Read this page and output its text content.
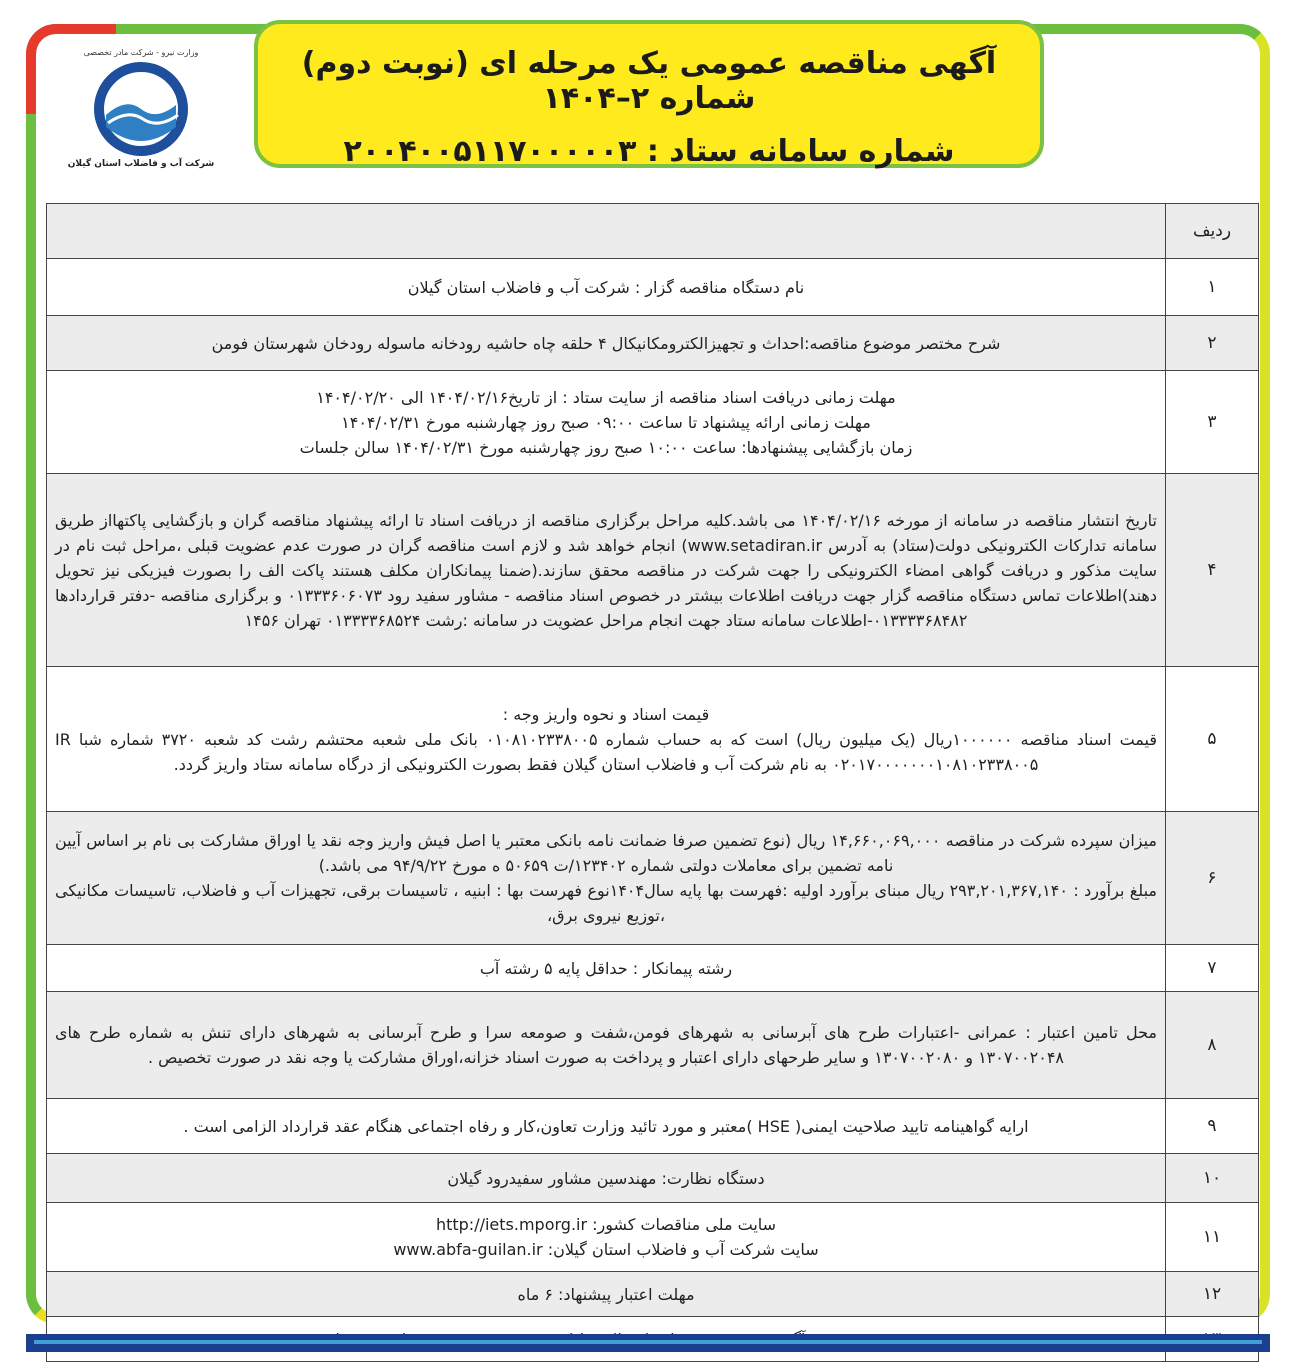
آگهی مناقصه عمومی یک مرحله ای (نوبت دوم) شماره ۲–۱۴۰۴
شماره سامانه ستاد : ۲۰۰۴۰۰۵۱۱۷۰۰۰۰۰۳
وزارت نیرو - شرکت مادر تخصصی
شرکت آب و فاضلاب استان گیلان
ردیف	
۱	نام دستگاه مناقصه گزار : شرکت آب و فاضلاب استان گیلان

۲	شرح مختصر موضوع مناقصه:احداث و تجهیزالکترومکانیکال ۴ حلقه چاه حاشیه رودخانه ماسوله رودخان شهرستان فومن

۳	مهلت زمانی دریافت اسناد مناقصه از سایت ستاد : از تاریخ۱۴۰۴/۰۲/۱۶ الی ۱۴۰۴/۰۲/۲۰
مهلت زمانی ارائه پیشنهاد تا ساعت ۰۹:۰۰ صبح روز چهارشنبه مورخ ۱۴۰۴/۰۲/۳۱
زمان بازگشایی پیشنهادها: ساعت ۱۰:۰۰ صبح روز چهارشنبه مورخ ۱۴۰۴/۰۲/۳۱ سالن جلسات

۴	تاریخ انتشار مناقصه در سامانه از مورخه ۱۴۰۴/۰۲/۱۶ می باشد.کلیه مراحل برگزاری مناقصه از دریافت اسناد تا ارائه پیشنهاد مناقصه گران و بازگشایی پاکتهااز طریق سامانه تدارکات الکترونیکی دولت(ستاد) به آدرس www.setadiran.ir) انجام خواهد شد و لازم است مناقصه گران در صورت عدم عضویت قبلی ،مراحل ثبت نام در سایت مذکور و دریافت گواهی امضاء الکترونیکی را جهت شرکت در مناقصه محقق سازند.(ضمنا پیمانکاران مکلف هستند پاکت الف را بصورت فیزیکی نیز تحویل دهند)اطلاعات تماس دستگاه مناقصه گزار جهت دریافت اطلاعات بیشتر در خصوص اسناد مناقصه - مشاور سفید رود ۰۱۳۳۳۶۰۶۰۷۳ و برگزاری مناقصه -دفتر قراردادها ۰۱۳۳۳۳۶۸۴۸۲-اطلاعات سامانه ستاد جهت انجام مراحل عضویت در سامانه :رشت ۰۱۳۳۳۳۶۸۵۲۴ تهران ۱۴۵۶

۵	قیمت اسناد و نحوه واریز وجه :
قیمت اسناد مناقصه ۱۰۰۰۰۰۰ریال (یک میلیون ریال) است که به حساب شماره ۰۱۰۸۱۰۲۳۳۸۰۰۵ بانک ملی شعبه محتشم رشت کد شعبه ۳۷۲۰ شماره شبا IR ۰۲۰۱۷۰۰۰۰۰۰۰۱۰۸۱۰۲۳۳۸۰۰۵ به نام شرکت آب و فاضلاب استان گیلان فقط بصورت الکترونیکی از درگاه سامانه ستاد واریز گردد.

۶	میزان سپرده شرکت در مناقصه ۱۴,۶۶۰,۰۶۹,۰۰۰ ریال (نوع تضمین صرفا ضمانت نامه بانکی معتبر یا اصل فیش واریز وجه نقد یا اوراق مشارکت بی نام بر اساس آیین نامه تضمین برای معاملات دولتی شماره ۱۲۳۴۰۲/ت ۵۰۶۵۹ ه مورخ ۹۴/۹/۲۲ می باشد.)
مبلغ برآورد : ۲۹۳,۲۰۱,۳۶۷,۱۴۰ ریال مبنای برآورد اولیه :فهرست بها پایه سال۱۴۰۴نوع فهرست بها : ابنیه ، تاسیسات برقی، تجهیزات آب و فاضلاب، تاسیسات مکانیکی ،توزیع نیروی برق،

۷	رشته پیمانکار : حداقل پایه ۵ رشته آب

۸	محل تامین اعتبار : عمرانی -اعتبارات طرح های آبرسانی به شهرهای فومن،شفت و صومعه سرا و طرح آبرسانی به شهرهای دارای تنش به شماره طرح های ۱۳۰۷۰۰۲۰۴۸ و ۱۳۰۷۰۰۲۰۸۰ و سایر طرحهای دارای اعتبار و پرداخت به صورت اسناد خزانه،اوراق مشارکت یا وجه نقد در صورت تخصیص .

۹	ارایه گواهینامه تایید صلاحیت ایمنی( HSE )معتبر و مورد تائید وزارت تعاون،کار و رفاه اجتماعی هنگام عقد قرارداد الزامی است .

۱۰	دستگاه نظارت: مهندسین مشاور سفیدرود گیلان

۱۱	سایت ملی مناقصات کشور: http://iets.mporg.ir
سایت شرکت آب و فاضلاب استان گیلان: www.abfa-guilan.ir

۱۲	مهلت اعتبار پیشنهاد: ۶ ماه
